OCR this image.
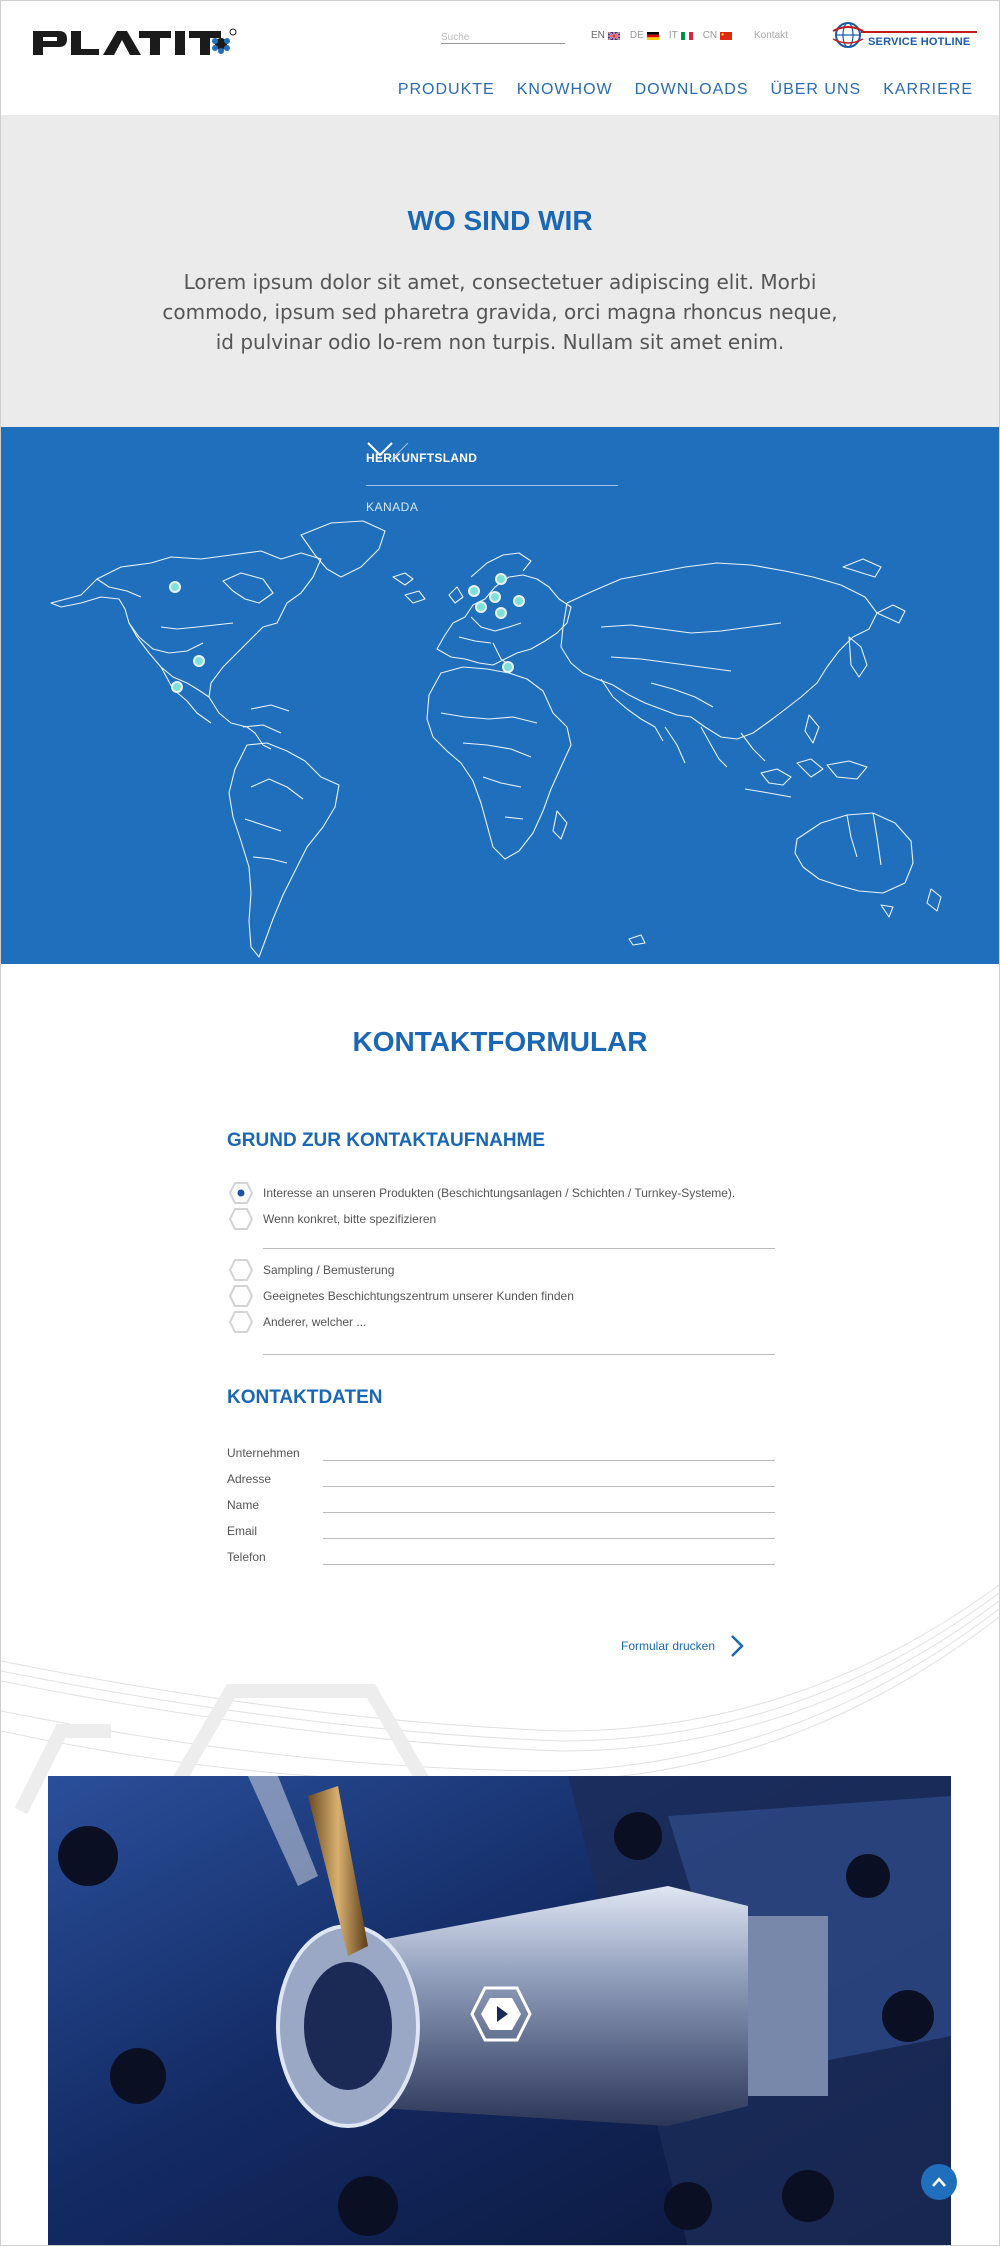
Suche
EN	DE	IT	CN	Kontakt
SERVICE HOTLINE
PRODUKTE KNOWHOW DOWNLOADS ÜBER UNS KARRIERE
WO SIND WIR

Lorem ipsum dolor sit amet, consectetuer adipiscing elit. Morbi commodo, ipsum sed pharetra gravida, orci magna rhoncus neque, id pulvinar odio lo-rem non turpis. Nullam sit amet enim.

HERKUNFTSLAND
KANADA
KONTAKTFORMULAR
GRUND ZUR KONTAKTAUFNAHME
Interesse an unseren Produkten (Beschichtungsanlagen / Schichten / Turnkey-Systeme).
Wenn konkret, bitte spezifizieren
Sampling / Bemusterung
Geeignetes Beschichtungszentrum unserer Kunden finden
Anderer, welcher ...
KONTAKTDATEN
Unternehmen
Adresse
Name
Email
Telefon
Formular drucken
